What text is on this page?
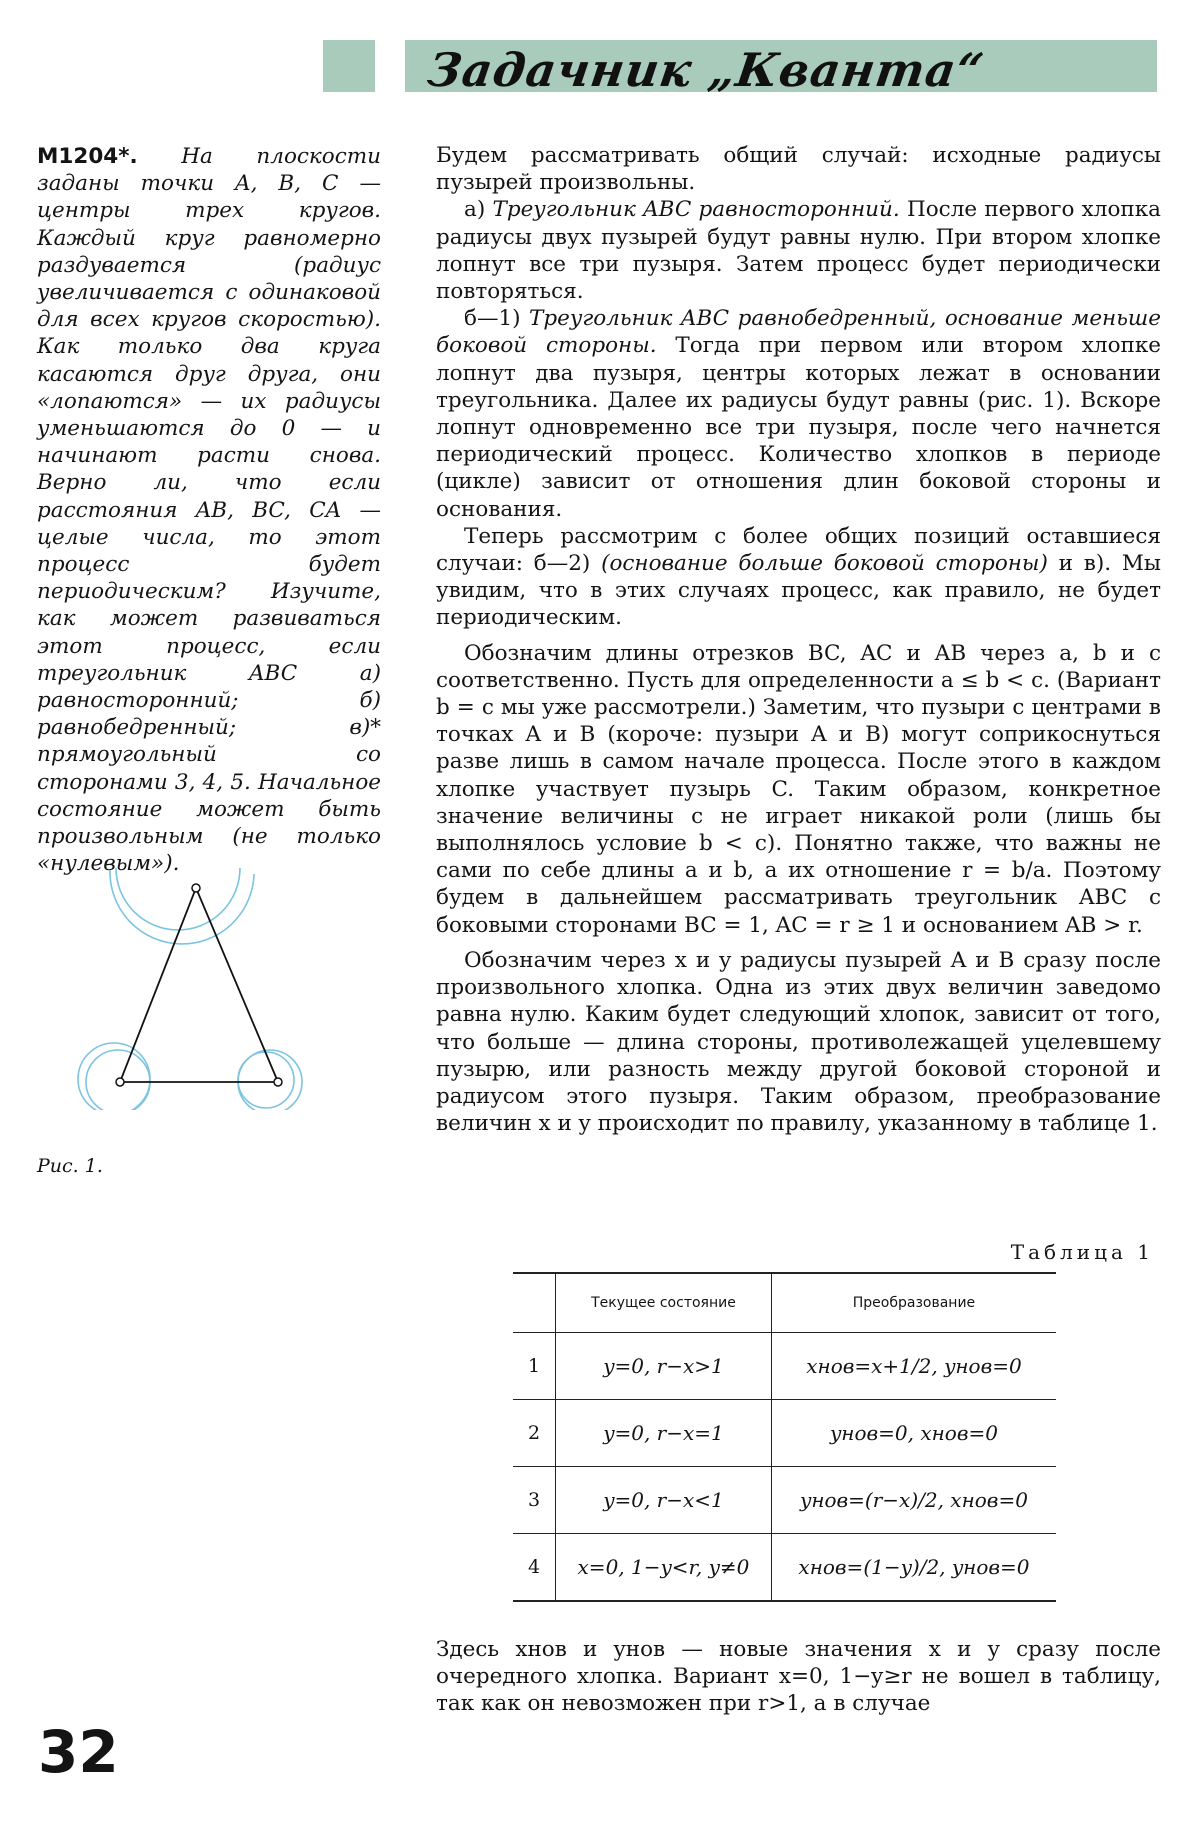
Задачник „Кванта“
М1204*. На плоскости заданы точки A, B, C — центры трех кругов. Каждый круг равномерно раздувается (радиус увеличивается с одинаковой для всех кругов скоростью). Как только два круга касаются друг друга, они «лопаются» — их радиусы уменьшаются до 0 — и начинают расти снова. Верно ли, что если расстояния AB, BC, CA — целые числа, то этот процесс будет периодическим? Изучите, как может развиваться этот процесс, если треугольник ABC а) равносторонний; б) равнобедренный; в)* прямоугольный со сторонами 3, 4, 5. Начальное состояние может быть произвольным (не только «нулевым»).
Рис. 1.

Будем рассматривать общий случай: исходные радиусы пузырей произвольны.

а) Треугольник ABC равносторонний. После первого хлопка радиусы двух пузырей будут равны нулю. При втором хлопке лопнут все три пузыря. Затем процесс будет периодически повторяться.

б—1) Треугольник ABC равнобедренный, основание меньше боковой стороны. Тогда при первом или втором хлопке лопнут два пузыря, центры которых лежат в основании треугольника. Далее их радиусы будут равны (рис. 1). Вскоре лопнут одновременно все три пузыря, после чего начнется периодический процесс. Количество хлопков в периоде (цикле) зависит от отношения длин боковой стороны и основания.

Теперь рассмотрим с более общих позиций оставшиеся случаи: б—2) (основание больше боковой стороны) и в). Мы увидим, что в этих случаях процесс, как правило, не будет периодическим.

Обозначим длины отрезков BC, AC и AB через a, b и c соответственно. Пусть для определенности a ≤ b < c. (Вариант b = c мы уже рассмотрели.) Заметим, что пузыри с центрами в точках A и B (короче: пузыри A и B) могут соприкоснуться разве лишь в самом начале процесса. После этого в каждом хлопке участвует пузырь C. Таким образом, конкретное значение величины c не играет никакой роли (лишь бы выполнялось условие b < c). Понятно также, что важны не сами по себе длины a и b, а их отношение r = b/a. Поэтому будем в дальнейшем рассматривать треугольник ABC с боковыми сторонами BC = 1, AC = r ≥ 1 и основанием AB > r.

Обозначим через x и y радиусы пузырей A и B сразу после произвольного хлопка. Одна из этих двух величин заведомо равна нулю. Каким будет следующий хлопок, зависит от того, что больше — длина стороны, противолежащей уцелевшему пузырю, или разность между другой боковой стороной и радиусом этого пузыря. Таким образом, преобразование величин x и y происходит по правилу, указанному в таблице 1.

Таблица 1
	Текущее состояние	Преобразование
1	y=0, r−x>1	xнов=x+1/2, yнов=0
2	y=0, r−x=1	yнов=0, xнов=0
3	y=0, r−x<1	yнов=(r−x)/2, xнов=0
4	x=0, 1−y<r, y≠0	xнов=(1−y)/2, yнов=0
Здесь xнов и yнов — новые значения x и y сразу после очередного хлопка. Вариант x=0, 1−y≥r не вошел в таблицу, так как он невозможен при r>1, а в случае
32
